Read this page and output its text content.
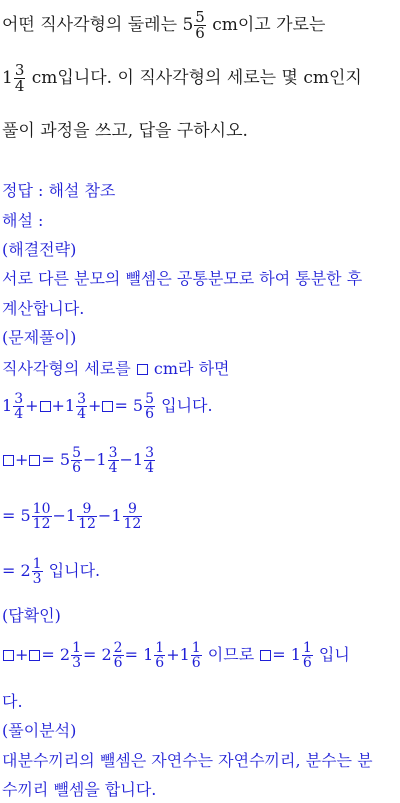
어떤 직사각형의 둘레는 $5 \frac{5}{6}$ cm이고 가로는
$1 \frac{3}{4}$ cm입니다. 이 직사각형의 세로는 몇 cm인지
풀이 과정을 쓰고, 답을 구하시오.
정답 : 해설 참조
해설 :
(해결전략)
서로 다른 분모의 뺄셈은 공통분모로 하여 통분한 후
계산합니다.
(문제풀이)
직사각형의 세로를  cm라 하면
$1 \frac{3}{4} + +1 \frac{3}{4}$ + = $5 \frac{5}{6}$ 입니다.
+ = $5 \frac{5}{6} -1 \frac{3}{4} -1 \frac{3}{4}$
= $5 \frac{10}{12} -1 \frac{9}{12} -1 \frac{9}{12}$
= $2 \frac{1}{3}$ 입니다.
(답확인)
+ = $2 \frac{1}{3} = 2 \frac{2}{6} = 1 \frac{1}{6} +1 \frac{1}{6}$ 이므로 = $1 \frac{1}{6}$ 입니
다.
(풀이분석)
대분수끼리의 뺄셈은 자연수는 자연수끼리, 분수는 분
수끼리 뺄셈을 합니다.
